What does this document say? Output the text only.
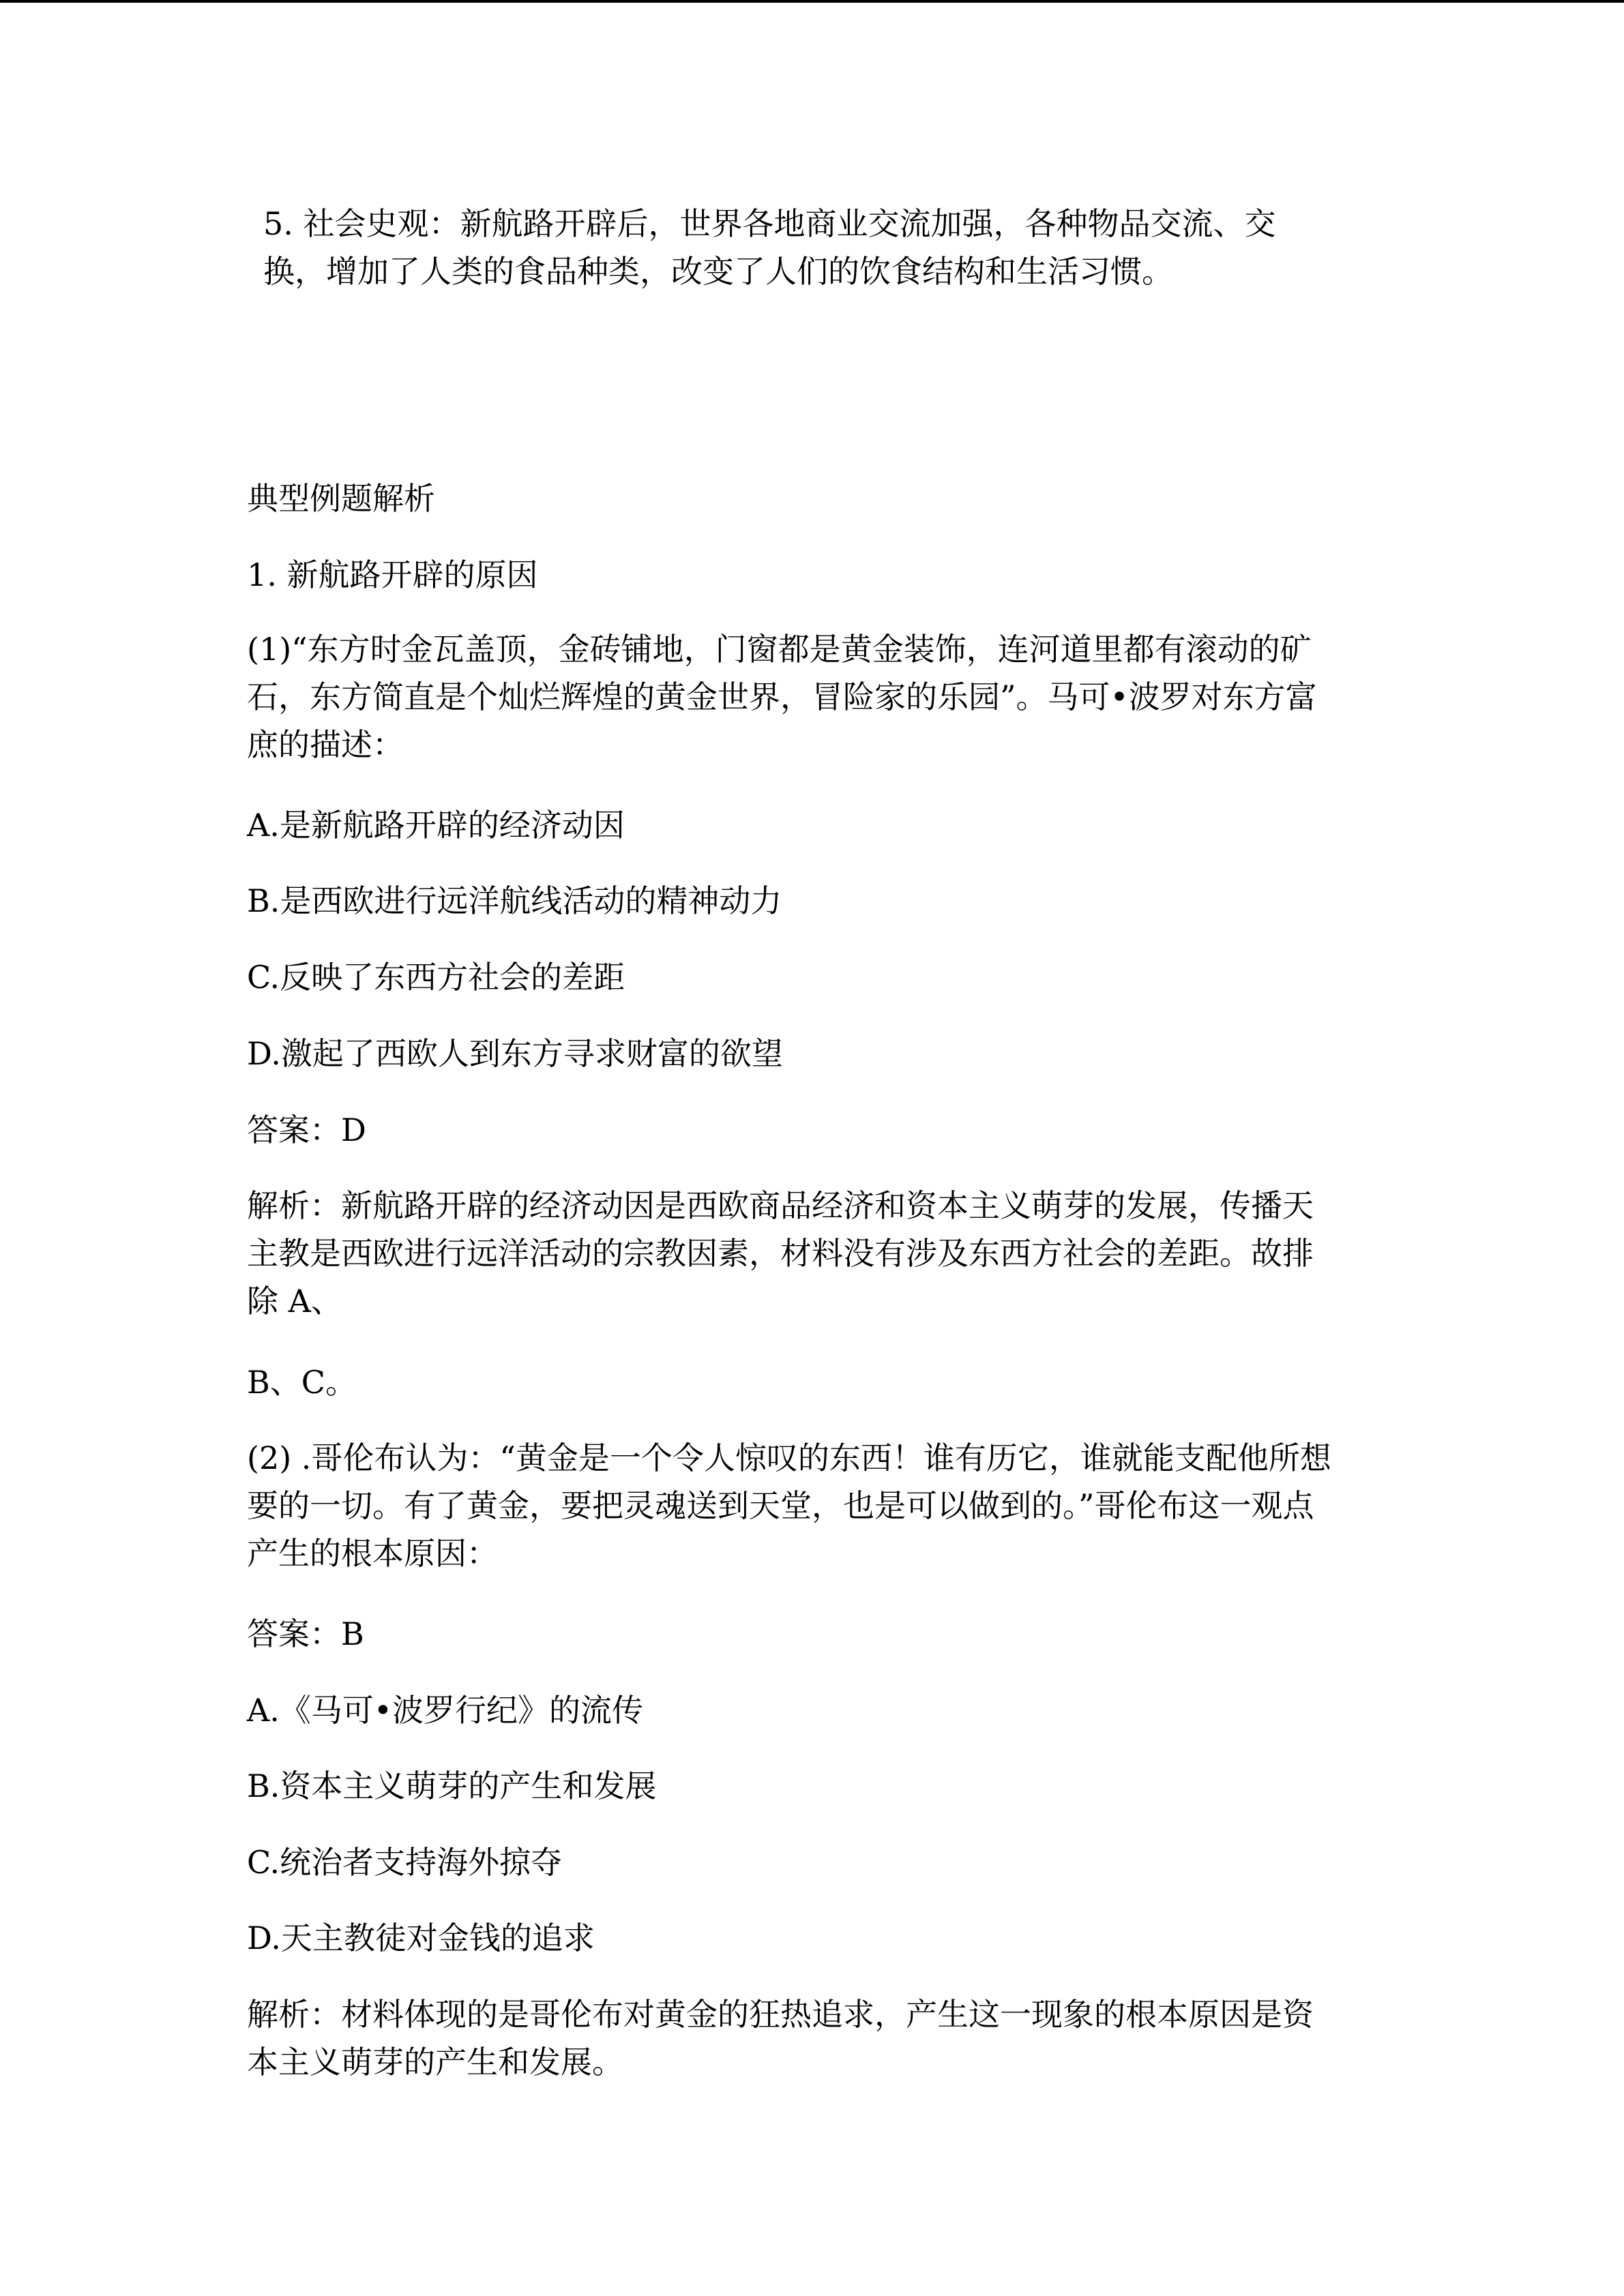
5. 社会史观：新航路开辟后，世界各地商业交流加强，各种物品交流、交
换，增加了人类的食品种类，改变了人们的饮食结构和生活习惯。
典型例题解析
1. 新航路开辟的原因
(1)“东方时金瓦盖顶，金砖铺地，门窗都是黄金装饰，连河道里都有滚动的矿
石，东方简直是个灿烂辉煌的黄金世界，冒险家的乐园”。马可•波罗对东方富
庶的描述：
A.是新航路开辟的经济动因
B.是西欧进行远洋航线活动的精神动力
C.反映了东西方社会的差距
D.激起了西欧人到东方寻求财富的欲望
答案：D
解析：新航路开辟的经济动因是西欧商品经济和资本主义萌芽的发展，传播天
主教是西欧进行远洋活动的宗教因素，材料没有涉及东西方社会的差距。故排
除 A、
B、C。
(2) .哥伦布认为：“黄金是一个令人惊叹的东西！谁有历它，谁就能支配他所想
要的一切。有了黄金，要把灵魂送到天堂，也是可以做到的。”哥伦布这一观点
产生的根本原因：
答案：B
A.《马可•波罗行纪》的流传
B.资本主义萌芽的产生和发展
C.统治者支持海外掠夺
D.天主教徒对金钱的追求
解析：材料体现的是哥伦布对黄金的狂热追求，产生这一现象的根本原因是资
本主义萌芽的产生和发展。
